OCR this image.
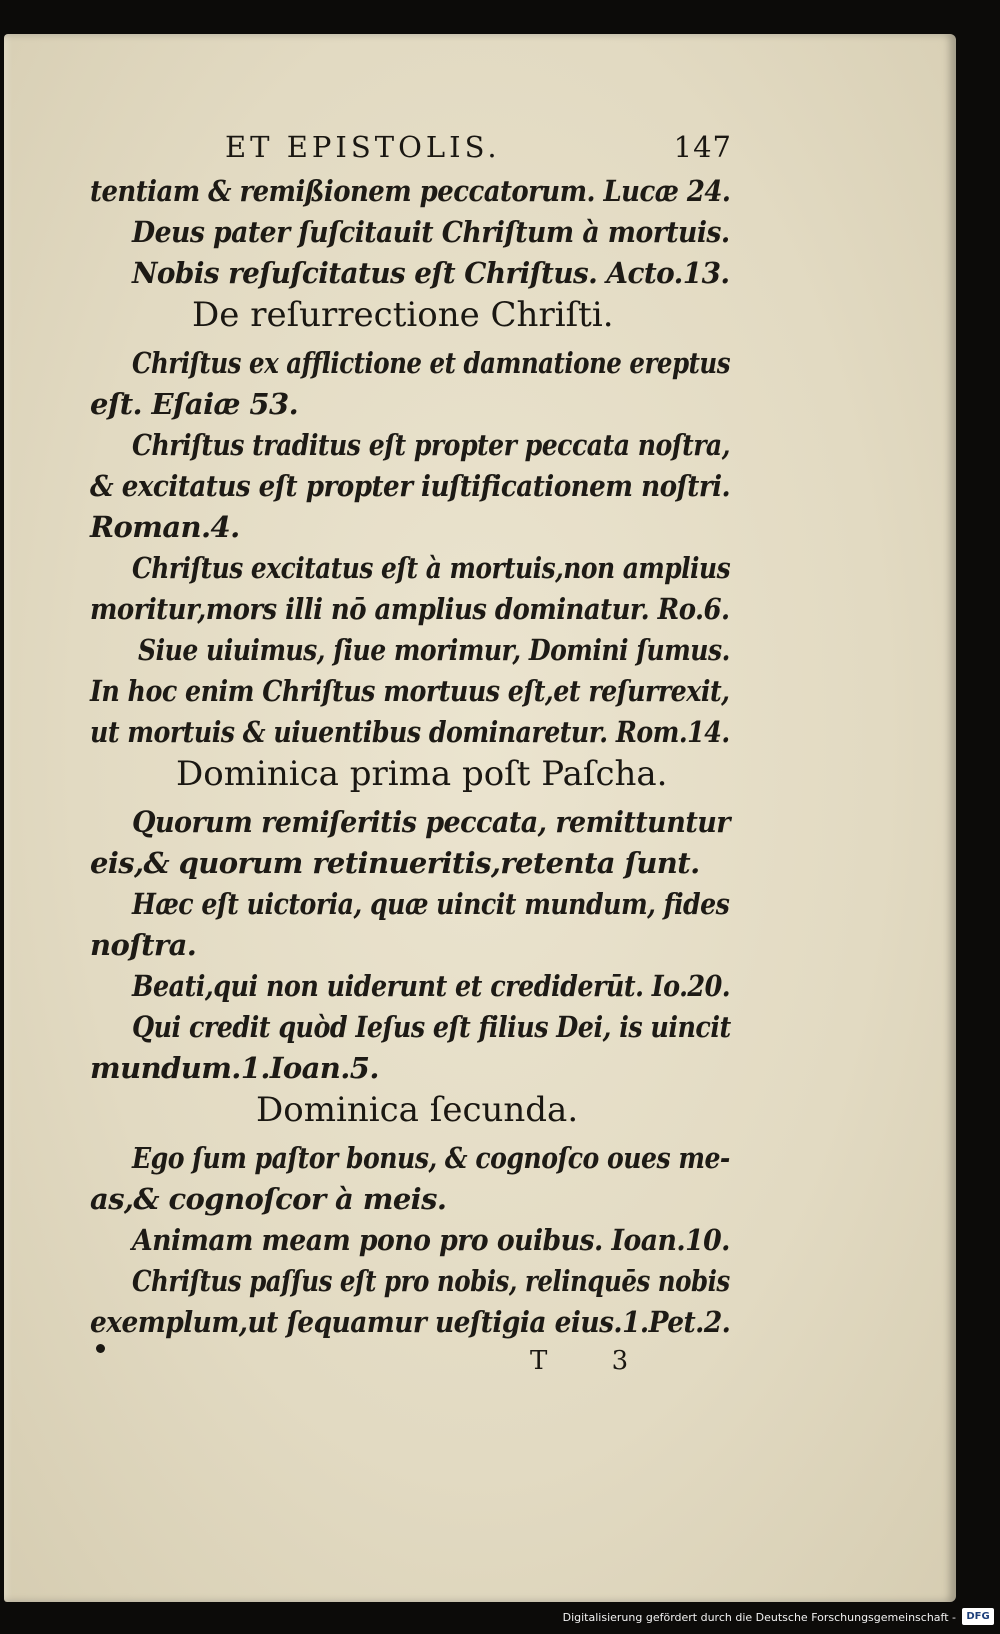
ET EPISTOLIS.	147
tentiam & remißionem peccatorum. Lucæ 24.
Deus pater ſuſcitauit Chriſtum à mortuis.
Nobis reſuſcitatus eſt Chriſtus. Acto.13.
De reſurrectione Chriſti.
Chriſtus ex afflictione et damnatione ereptus
eſt. Eſaiæ 53.
Chriſtus traditus eſt propter peccata noſtra,
& excitatus eſt propter iuſtificationem noſtri.
Roman.4.
Chriſtus excitatus eſt à mortuis,non amplius
moritur,mors illi nō amplius dominatur. Ro.6.
Siue uiuimus, ſiue morimur, Domini ſumus.
In hoc enim Chriſtus mortuus eſt,et reſurrexit,
ut mortuis & uiuentibus dominaretur. Rom.14.
Dominica prima poſt Paſcha.
Quorum remiſeritis peccata, remittuntur
eis,& quorum retinueritis,retenta ſunt.
Hæc eſt uictoria, quæ uincit mundum, fides
noſtra.
Beati,qui non uiderunt et crediderūt. Io.20.
Qui credit quòd Ieſus eſt filius Dei, is uincit
mundum.1.Ioan.5.
Dominica ſecunda.
Ego ſum paſtor bonus, & cognoſco oues me-
as,& cognoſcor à meis.
Animam meam pono pro ouibus. Ioan.10.
Chriſtus paſſus eſt pro nobis, relinquēs nobis
exemplum,ut ſequamur ueſtigia eius.1.Pet.2.
T 3
Digitalisierung gefördert durch die Deutsche Forschungsgemeinschaft -	DFG
